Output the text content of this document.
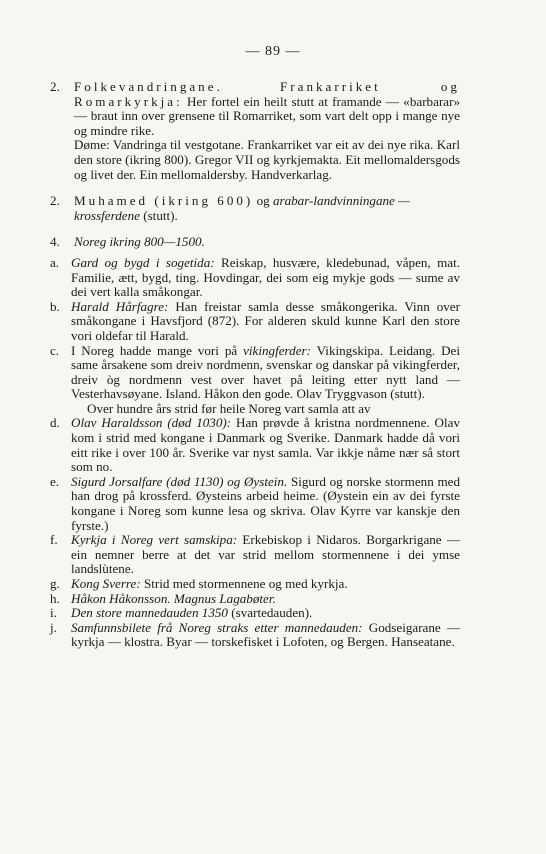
— 89 —
2. Folkevandringane.	Frankarriket og Romarkyrkja: Her fortel ein heilt stutt at framande — «barbarar» — braut inn over grensene til Romarriket, som vart delt opp i mange nye og mindre rike.
Døme: Vandringa til vestgotane. Frankarriket var eit av dei nye rika. Karl den store (ikring 800). Gregor VII og kyrkjemakta. Eit mellomaldersgods og livet der. Ein mellomaldersby. Handverkarlag.
2. Muhamed (ikring 600) og arabar-landvinningane — krossferdene (stutt).
4. Noreg ikring 800—1500.
a. Gard og bygd i sogetida: Reiskap, husvære, kledebunad, våpen, mat. Familie, ætt, bygd, ting. Hovdingar, dei som eig mykje gods — sume av dei vert kalla småkongar.
b. Harald Hårfagre: Han freistar samla desse småkongerika. Vinn over småkongane i Havsfjord (872). For alderen skuld kunne Karl den store vori oldefar til Harald.
c. I Noreg hadde mange vori på vikingferder: Vikingskipa. Leidang. Dei same årsakene som dreiv nordmenn, svenskar og danskar på vikingferder, dreiv òg nordmenn vest over havet på leiting etter nytt land — Vesterhavsøyane. Island. Håkon den gode. Olav Tryggvason (stutt).
Over hundre års strid før heile Noreg vart samla att av
d. Olav Haraldsson (død 1030): Han prøvde å kristna nordmennene. Olav kom i strid med kongane i Danmark og Sverike. Danmark hadde då vori eitt rike i over 100 år. Sverike var nyst samla. Var ikkje nåme nær så stort som no.
e. Sigurd Jorsalfare (død 1130) og Øystein. Sigurd og norske stormenn med han drog på krossferd. Øysteins arbeid heime. (Øystein ein av dei fyrste kongane i Noreg som kunne lesa og skriva. Olav Kyrre var kanskje den fyrste.)
f. Kyrkja i Noreg vert samskipa: Erkebiskop i Nidaros. Borgarkrigane — ein nemner berre at det var strid mellom stormennene i dei ymse landslùtene.
g. Kong Sverre: Strid med stormennene og med kyrkja.
h. Håkon Håkonsson. Magnus Lagabøter.
i. Den store mannedauden 1350 (svartedauden).
j. Samfunnsbilete frå Noreg straks etter mannedauden: Godseigarane — kyrkja — klostra. Byar — torskefisket i Lofoten, og Bergen. Hanseatane.
